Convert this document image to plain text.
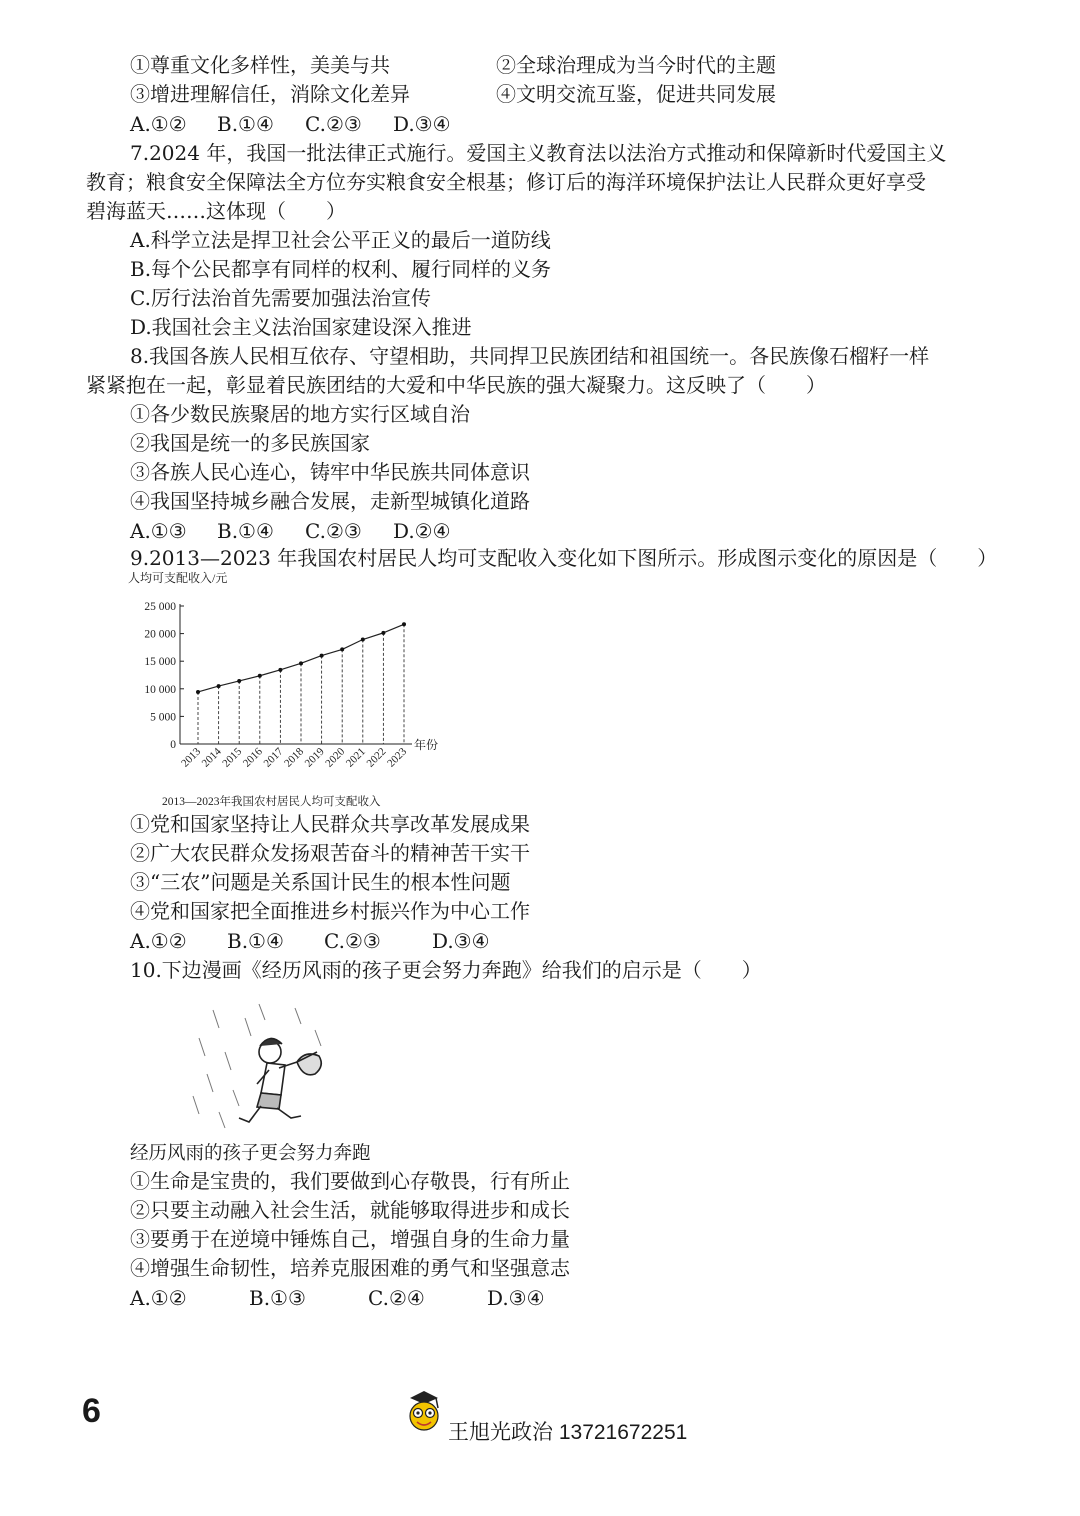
①尊重文化多样性，美美与共	②全球治理成为当今时代的主题
③增进理解信任，消除文化差异	④文明交流互鉴，促进共同发展
A.①②	B.①④	C.②③	D.③④
7.2024 年，我国一批法律正式施行。爱国主义教育法以法治方式推动和保障新时代爱国主义
教育；粮食安全保障法全方位夯实粮食安全根基；修订后的海洋环境保护法让人民群众更好享受
碧海蓝天……这体现（　　）
A.科学立法是捍卫社会公平正义的最后一道防线
B.每个公民都享有同样的权利、履行同样的义务
C.厉行法治首先需要加强法治宣传
D.我国社会主义法治国家建设深入推进
8.我国各族人民相互依存、守望相助，共同捍卫民族团结和祖国统一。各民族像石榴籽一样
紧紧抱在一起，彰显着民族团结的大爱和中华民族的强大凝聚力。这反映了（　　）
①各少数民族聚居的地方实行区域自治
②我国是统一的多民族国家
③各族人民心连心，铸牢中华民族共同体意识
④我国坚持城乡融合发展，走新型城镇化道路
A.①③	B.①④	C.②③	D.②④
9.2013—2023 年我国农村居民人均可支配收入变化如下图所示。形成图示变化的原因是（　　）
人均可支配收入/元
0
5 000
10 000
15 000
20 000
25 000
2013
2014
2015
2016
2017
2018
2019
2020
2021
2022
2023
年份
2013—2023年我国农村居民人均可支配收入
①党和国家坚持让人民群众共享改革发展成果
②广大农民群众发扬艰苦奋斗的精神苦干实干
③“三农”问题是关系国计民生的根本性问题
④党和国家把全面推进乡村振兴作为中心工作
A.①②	B.①④	C.②③	D.③④
10.下边漫画《经历风雨的孩子更会努力奔跑》给我们的启示是（　　）
经历风雨的孩子更会努力奔跑
①生命是宝贵的，我们要做到心存敬畏，行有所止
②只要主动融入社会生活，就能够取得进步和成长
③要勇于在逆境中锤炼自己，增强自身的生命力量
④增强生命韧性，培养克服困难的勇气和坚强意志
A.①②	B.①③	C.②④	D.③④
6
王旭光政治 13721672251
